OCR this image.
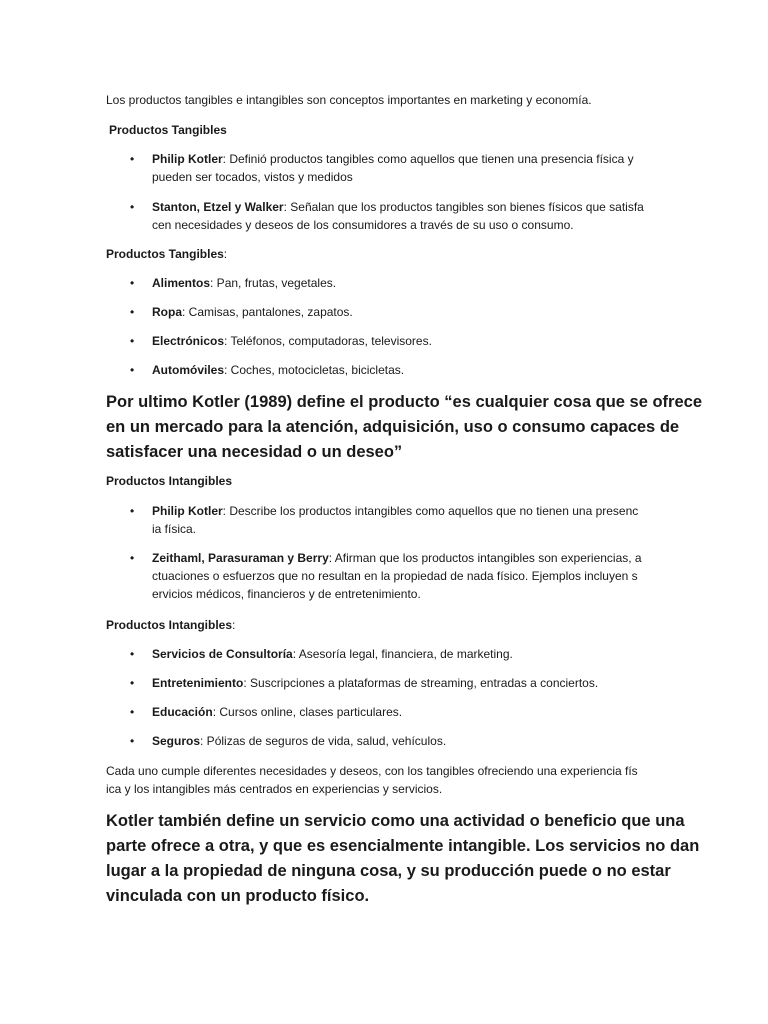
Los productos tangibles e intangibles son conceptos importantes en marketing y economía.
Productos Tangibles
•	Philip Kotler: Definió productos tangibles como aquellos que tienen una presencia física y
pueden ser tocados, vistos y medidos
•	Stanton, Etzel y Walker: Señalan que los productos tangibles son bienes físicos que satisfa
cen necesidades y deseos de los consumidores a través de su uso o consumo.
Productos Tangibles:
•	Alimentos: Pan, frutas, vegetales.
•	Ropa: Camisas, pantalones, zapatos.
•	Electrónicos: Teléfonos, computadoras, televisores.
•	Automóviles: Coches, motocicletas, bicicletas.
Por ultimo Kotler (1989) define el producto “es cualquier cosa que se ofrece
en un mercado para la atención, adquisición, uso o consumo capaces de
satisfacer una necesidad o un deseo”
Productos Intangibles
•	Philip Kotler: Describe los productos intangibles como aquellos que no tienen una presenc
ia física.
•	Zeithaml, Parasuraman y Berry: Afirman que los productos intangibles son experiencias, a
ctuaciones o esfuerzos que no resultan en la propiedad de nada físico. Ejemplos incluyen s
ervicios médicos, financieros y de entretenimiento.
Productos Intangibles:
•	Servicios de Consultoría: Asesoría legal, financiera, de marketing.
•	Entretenimiento: Suscripciones a plataformas de streaming, entradas a conciertos.
•	Educación: Cursos online, clases particulares.
•	Seguros: Pólizas de seguros de vida, salud, vehículos.
Cada uno cumple diferentes necesidades y deseos, con los tangibles ofreciendo una experiencia fís
ica y los intangibles más centrados en experiencias y servicios.
Kotler también define un servicio como una actividad o beneficio que una
parte ofrece a otra, y que es esencialmente intangible. Los servicios no dan
lugar a la propiedad de ninguna cosa, y su producción puede o no estar
vinculada con un producto físico.
